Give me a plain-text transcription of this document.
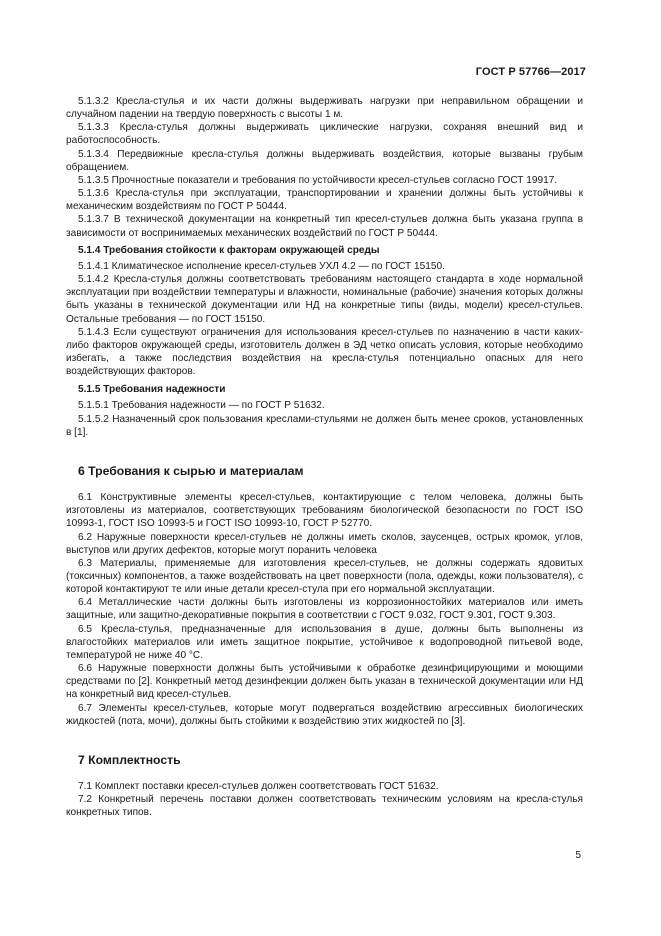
ГОСТ Р 57766—2017

5.1.3.2 Кресла-стулья и их части должны выдерживать нагрузки при неправильном обращении и случайном падении на твердую поверхность с высоты 1 м.

5.1.3.3 Кресла-стулья должны выдерживать циклические нагрузки, сохраняя внешний вид и работоспособность.

5.1.3.4 Передвижные кресла-стулья должны выдерживать воздействия, которые вызваны грубым обращением.

5.1.3.5 Прочностные показатели и требования по устойчивости кресел-стульев согласно ГОСТ 19917.

5.1.3.6 Кресла-стулья при эксплуатации, транспортировании и хранении должны быть устойчивы к механическим воздействиям по ГОСТ Р 50444.

5.1.3.7 В технической документации на конкретный тип кресел-стульев должна быть указана группа в зависимости от воспринимаемых механических воздействий по ГОСТ Р 50444.

5.1.4 Требования стойкости к факторам окружающей среды

5.1.4.1 Климатическое исполнение кресел-стульев УХЛ 4.2 — по ГОСТ 15150.

5.1.4.2 Кресла-стулья должны соответствовать требованиям настоящего стандарта в ходе нормальной эксплуатации при воздействии температуры и влажности, номинальные (рабочие) значения которых должны быть указаны в технической документации или НД на конкретные типы (виды, модели) кресел-стульев. Остальные требования — по ГОСТ 15150.

5.1.4.3 Если существуют ограничения для использования кресел-стульев по назначению в части каких-либо факторов окружающей среды, изготовитель должен в ЭД четко описать условия, которые необходимо избегать, а также последствия воздействия на кресла-стулья потенциально опасных для него воздействующих факторов.

5.1.5 Требования надежности

5.1.5.1 Требования надежности — по ГОСТ Р 51632.

5.1.5.2 Назначенный срок пользования креслами-стульями не должен быть менее сроков, установленных в [1].

6 Требования к сырью и материалам

6.1 Конструктивные элементы кресел-стульев, контактирующие с телом человека, должны быть изготовлены из материалов, соответствующих требованиям биологической безопасности по ГОСТ ISO 10993-1, ГОСТ ISO 10993-5 и ГОСТ ISO 10993-10, ГОСТ Р 52770.

6.2 Наружные поверхности кресел-стульев не должны иметь сколов, заусенцев, острых кромок, углов, выступов или других дефектов, которые могут поранить человека

6.3 Материалы, применяемые для изготовления кресел-стульев, не должны содержать ядовитых (токсичных) компонентов, а также воздействовать на цвет поверхности (пола, одежды, кожи пользователя), с которой контактируют те или иные детали кресел-стула при его нормальной эксплуатации.

6.4 Металлические части должны быть изготовлены из коррозионностойких материалов или иметь защитные, или защитно-декоративные покрытия в соответствии с ГОСТ 9.032, ГОСТ 9.301, ГОСТ 9.303.

6.5 Кресла-стулья, предназначенные для использования в душе, должны быть выполнены из влагостойких материалов или иметь защитное покрытие, устойчивое к водопроводной питьевой воде, температурой не ниже 40 °С.

6.6 Наружные поверхности должны быть устойчивыми к обработке дезинфицирующими и моющими средствами по [2]. Конкретный метод дезинфекции должен быть указан в технической документации или НД на конкретный вид кресел-стульев.

6.7 Элементы кресел-стульев, которые могут подвергаться воздействию агрессивных биологических жидкостей (пота, мочи), должны быть стойкими к воздействию этих жидкостей по [3].

7 Комплектность

7.1 Комплект поставки кресел-стульев должен соответствовать ГОСТ 51632.

7.2 Конкретный перечень поставки должен соответствовать техническим условиям на кресла-стулья конкретных типов.

5
